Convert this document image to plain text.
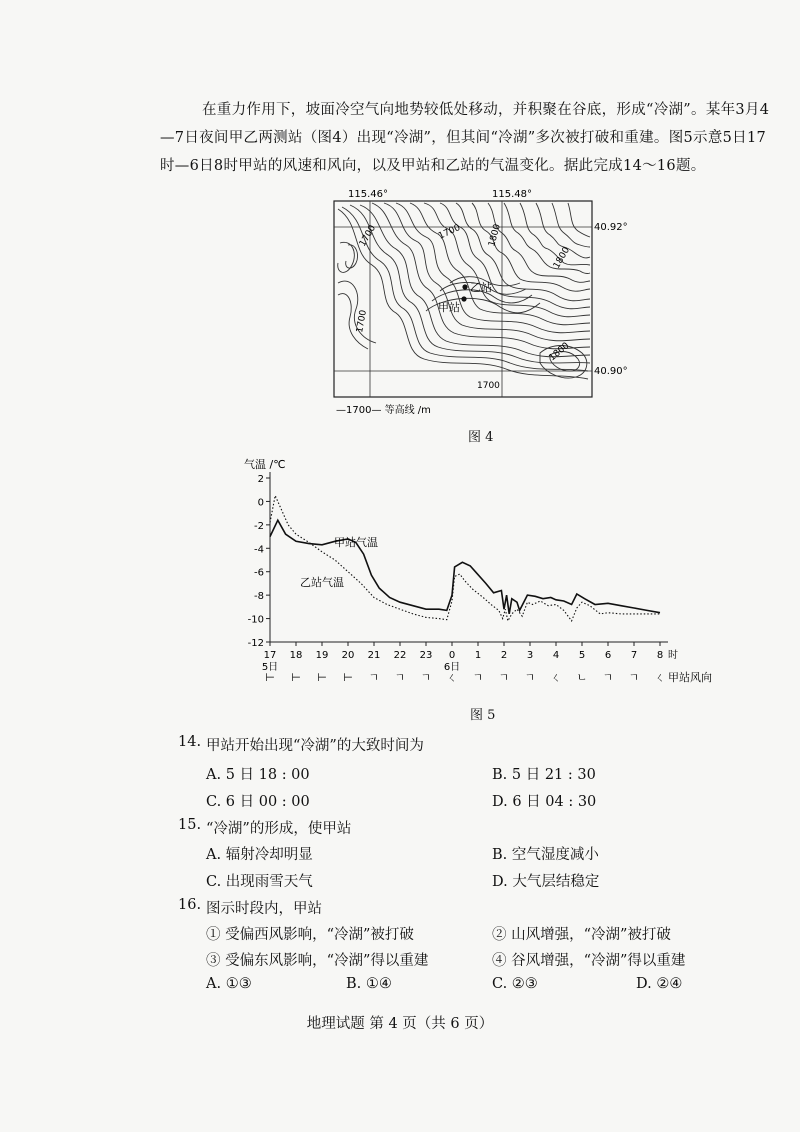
在重力作用下，坡面冷空气向地势较低处移动，并积聚在谷底，形成“冷湖”。某年3月4—7日夜间甲乙两测站（图4）出现“冷湖”，但其间“冷湖”多次被打破和重建。图5示意5日17时—6日8时甲站的风速和风向，以及甲站和乙站的气温变化。据此完成14～16题。
115.46°	115.48°
1700	1700	1800
1800
1700
1800
1700
乙站
甲站
40.92°
40.90°
—1700— 等高线 /m
图 4
气温 /℃
2
0
-2
-4
-6
-8
-10
-12
17 18 19 20 21 22 23 0 1 2 3 4 5 6 7 8 时
5日	6日
⊢ ⊢ ⊢ ⊢ ㄱ ㄱ ㄱ ㄑ ㄱ ㄱ ㄱ ㄑ ㄴ ㄱ ㄱ ㄑ 甲站风向
甲站气温
乙站气温
图 5
14. 甲站开始出现“冷湖”的大致时间为
A. 5 日 18 : 00	B. 5 日 21 : 30
C. 6 日 00 : 00	D. 6 日 04 : 30
15. “冷湖”的形成，使甲站
A. 辐射冷却明显	B. 空气湿度减小
C. 出现雨雪天气	D. 大气层结稳定
16. 图示时段内，甲站
① 受偏西风影响，“冷湖”被打破	② 山风增强，“冷湖”被打破
③ 受偏东风影响，“冷湖”得以重建	④ 谷风增强，“冷湖”得以重建
A. ①③	B. ①④	C. ②③	D. ②④
地理试题 第 4 页（共 6 页）
